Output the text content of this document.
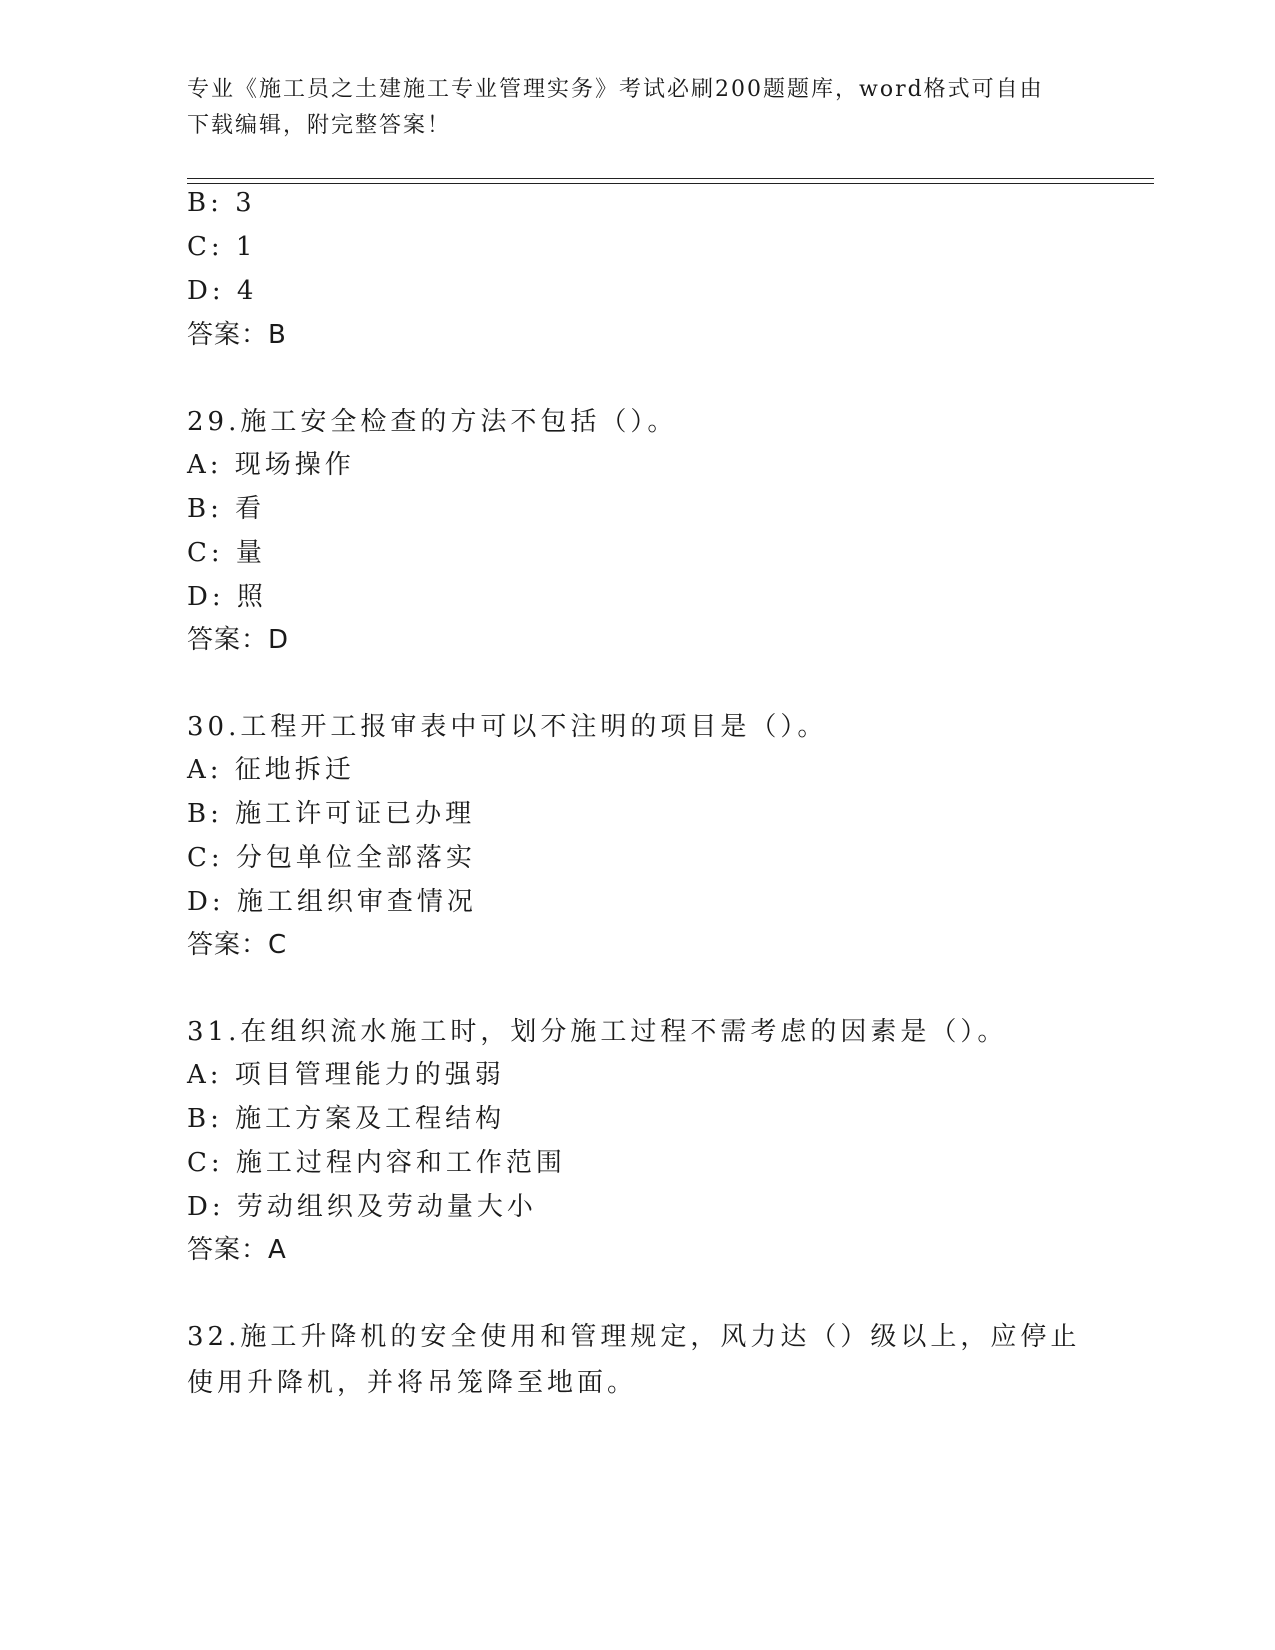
专业《施工员之土建施工专业管理实务》考试必刷200题题库，word格式可自由下载编辑，附完整答案！
B: 3
C: 1
D: 4
答案：B
29.施工安全检查的方法不包括（）。
A: 现场操作
B: 看
C: 量
D: 照
答案：D
30.工程开工报审表中可以不注明的项目是（）。
A: 征地拆迁
B: 施工许可证已办理
C: 分包单位全部落实
D: 施工组织审查情况
答案：C
31.在组织流水施工时，划分施工过程不需考虑的因素是（）。
A: 项目管理能力的强弱
B: 施工方案及工程结构
C: 施工过程内容和工作范围
D: 劳动组织及劳动量大小
答案：A
32.施工升降机的安全使用和管理规定，风力达（）级以上，应停止使用升降机，并将吊笼降至地面。
